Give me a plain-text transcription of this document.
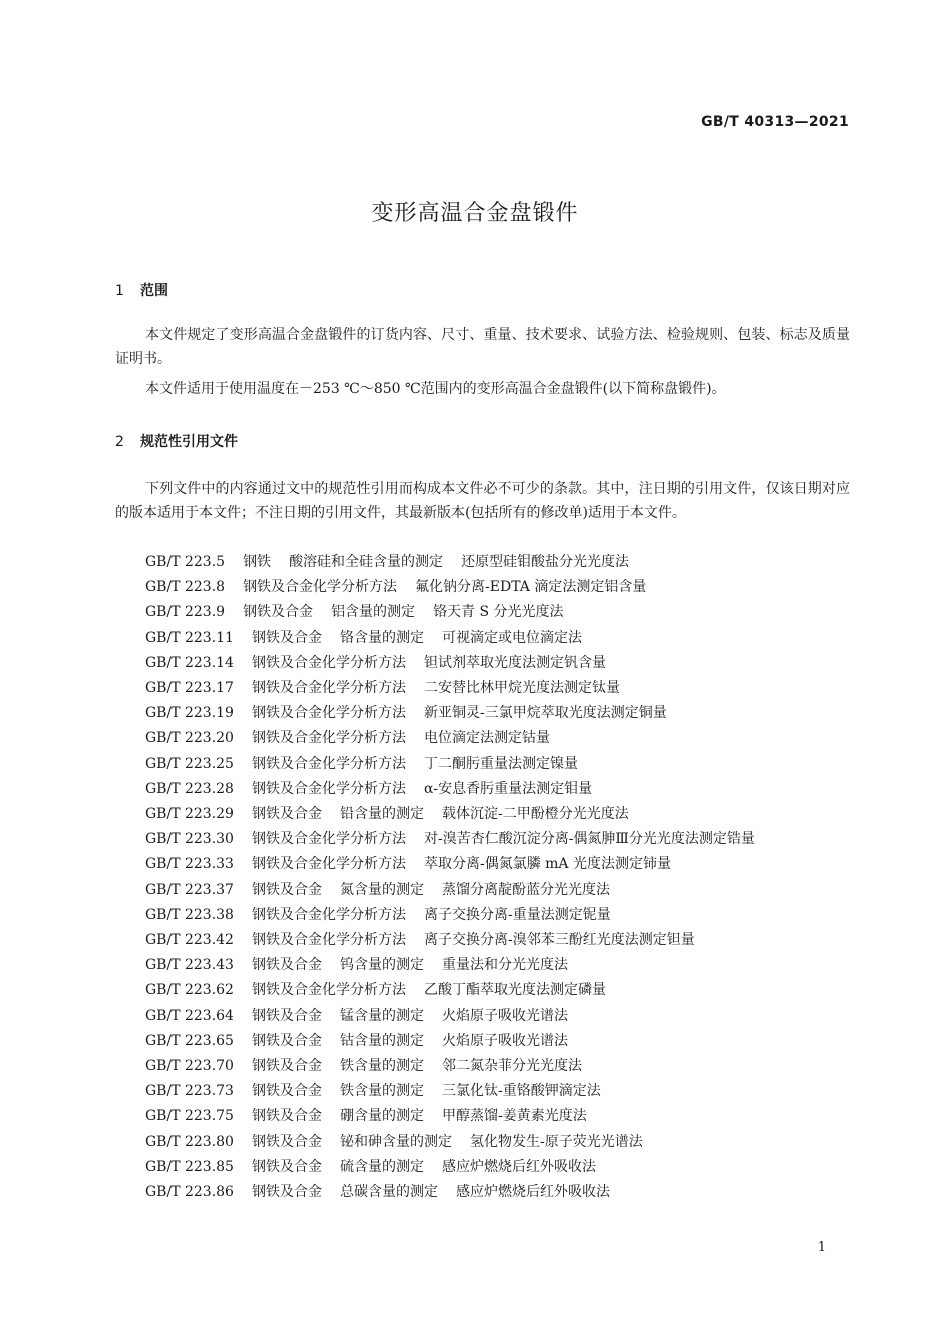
GB/T 40313—2021
变形高温合金盘锻件
1 范围

本文件规定了变形高温合金盘锻件的订货内容、尺寸、重量、技术要求、试验方法、检验规则、包装、标志及质量证明书。

本文件适用于使用温度在－253 ℃～850 ℃范围内的变形高温合金盘锻件(以下简称盘锻件)。

2 规范性引用文件

下列文件中的内容通过文中的规范性引用而构成本文件必不可少的条款。其中，注日期的引用文件，仅该日期对应的版本适用于本文件；不注日期的引用文件，其最新版本(包括所有的修改单)适用于本文件。

GB/T 223.5 钢铁 酸溶硅和全硅含量的测定 还原型硅钼酸盐分光光度法
GB/T 223.8 钢铁及合金化学分析方法 氟化钠分离-EDTA 滴定法测定铝含量
GB/T 223.9 钢铁及合金 铝含量的测定 铬天青 S 分光光度法
GB/T 223.11 钢铁及合金 铬含量的测定 可视滴定或电位滴定法
GB/T 223.14 钢铁及合金化学分析方法 钽试剂萃取光度法测定钒含量
GB/T 223.17 钢铁及合金化学分析方法 二安替比林甲烷光度法测定钛量
GB/T 223.19 钢铁及合金化学分析方法 新亚铜灵-三氯甲烷萃取光度法测定铜量
GB/T 223.20 钢铁及合金化学分析方法 电位滴定法测定钴量
GB/T 223.25 钢铁及合金化学分析方法 丁二酮肟重量法测定镍量
GB/T 223.28 钢铁及合金化学分析方法 α-安息香肟重量法测定钼量
GB/T 223.29 钢铁及合金 铅含量的测定 载体沉淀-二甲酚橙分光光度法
GB/T 223.30 钢铁及合金化学分析方法 对-溴苦杏仁酸沉淀分离-偶氮胂Ⅲ分光光度法测定锆量
GB/T 223.33 钢铁及合金化学分析方法 萃取分离-偶氮氯膦 mA 光度法测定铈量
GB/T 223.37 钢铁及合金 氮含量的测定 蒸馏分离靛酚蓝分光光度法
GB/T 223.38 钢铁及合金化学分析方法 离子交换分离-重量法测定铌量
GB/T 223.42 钢铁及合金化学分析方法 离子交换分离-溴邻苯三酚红光度法测定钽量
GB/T 223.43 钢铁及合金 钨含量的测定 重量法和分光光度法
GB/T 223.62 钢铁及合金化学分析方法 乙酸丁酯萃取光度法测定磷量
GB/T 223.64 钢铁及合金 锰含量的测定 火焰原子吸收光谱法
GB/T 223.65 钢铁及合金 钴含量的测定 火焰原子吸收光谱法
GB/T 223.70 钢铁及合金 铁含量的测定 邻二氮杂菲分光光度法
GB/T 223.73 钢铁及合金 铁含量的测定 三氯化钛-重铬酸钾滴定法
GB/T 223.75 钢铁及合金 硼含量的测定 甲醇蒸馏-姜黄素光度法
GB/T 223.80 钢铁及合金 铋和砷含量的测定 氢化物发生-原子荧光光谱法
GB/T 223.85 钢铁及合金 硫含量的测定 感应炉燃烧后红外吸收法
GB/T 223.86 钢铁及合金 总碳含量的测定 感应炉燃烧后红外吸收法
1
